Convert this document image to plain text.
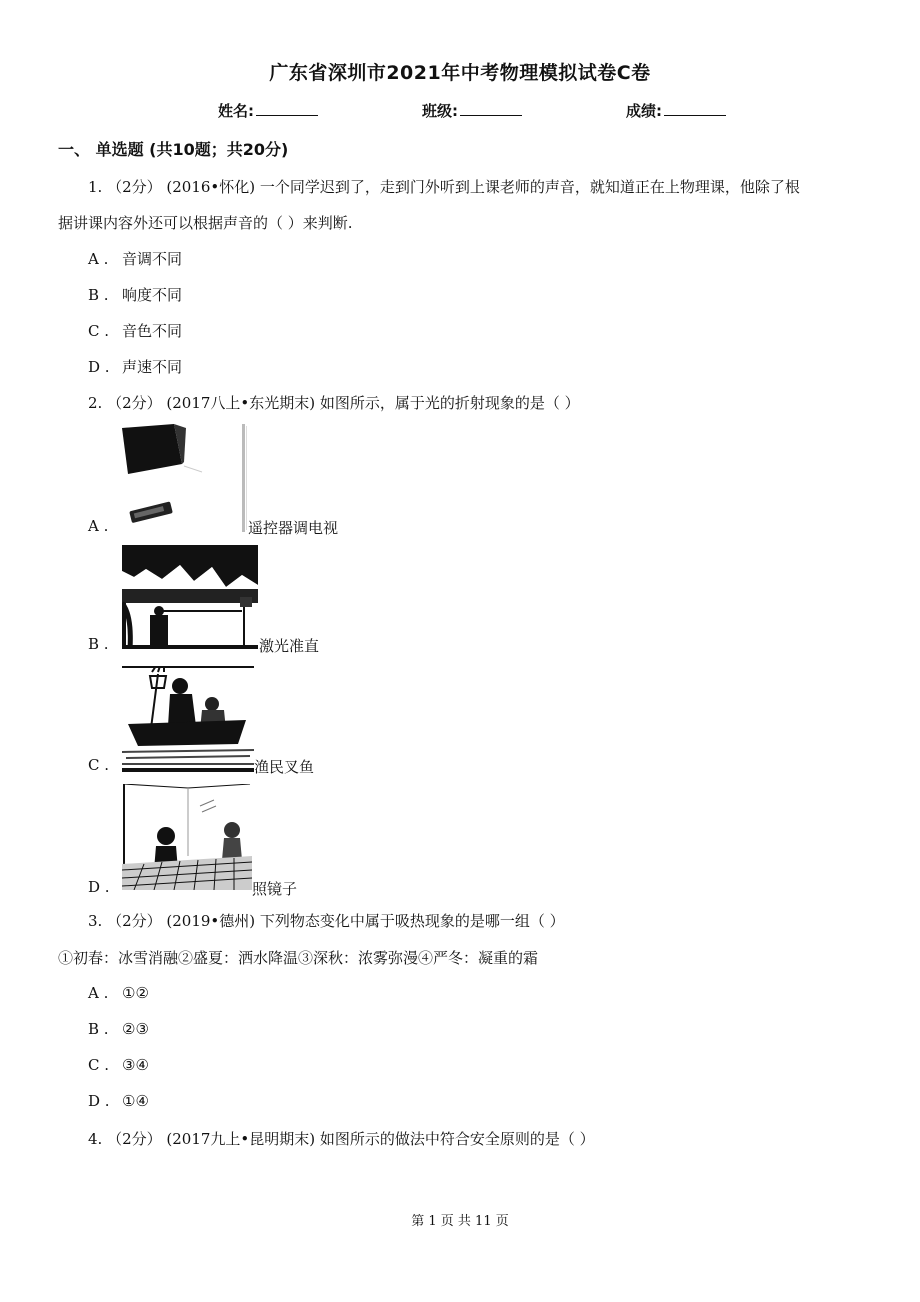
广东省深圳市2021年中考物理模拟试卷C卷
姓名:	班级:	成绩:
一、 单选题 (共10题；共20分)
1. （2分） (2016•怀化) 一个同学迟到了，走到门外听到上课老师的声音，就知道正在上物理课，他除了根
据讲课内容外还可以根据声音的（ ）来判断.
A . 音调不同
B . 响度不同
C . 音色不同
D . 声速不同
2. （2分） (2017八上•东光期末) 如图所示，属于光的折射现象的是（ ）
A .	遥控器调电视
B .	激光准直
C .	渔民叉鱼
D .	照镜子
3. （2分） (2019•德州) 下列物态变化中属于吸热现象的是哪一组（ ）
①初春：冰雪消融②盛夏：洒水降温③深秋：浓雾弥漫④严冬：凝重的霜
A . ①②
B . ②③
C . ③④
D . ①④
4. （2分） (2017九上•昆明期末) 如图所示的做法中符合安全原则的是（ ）
第 1 页 共 11 页
